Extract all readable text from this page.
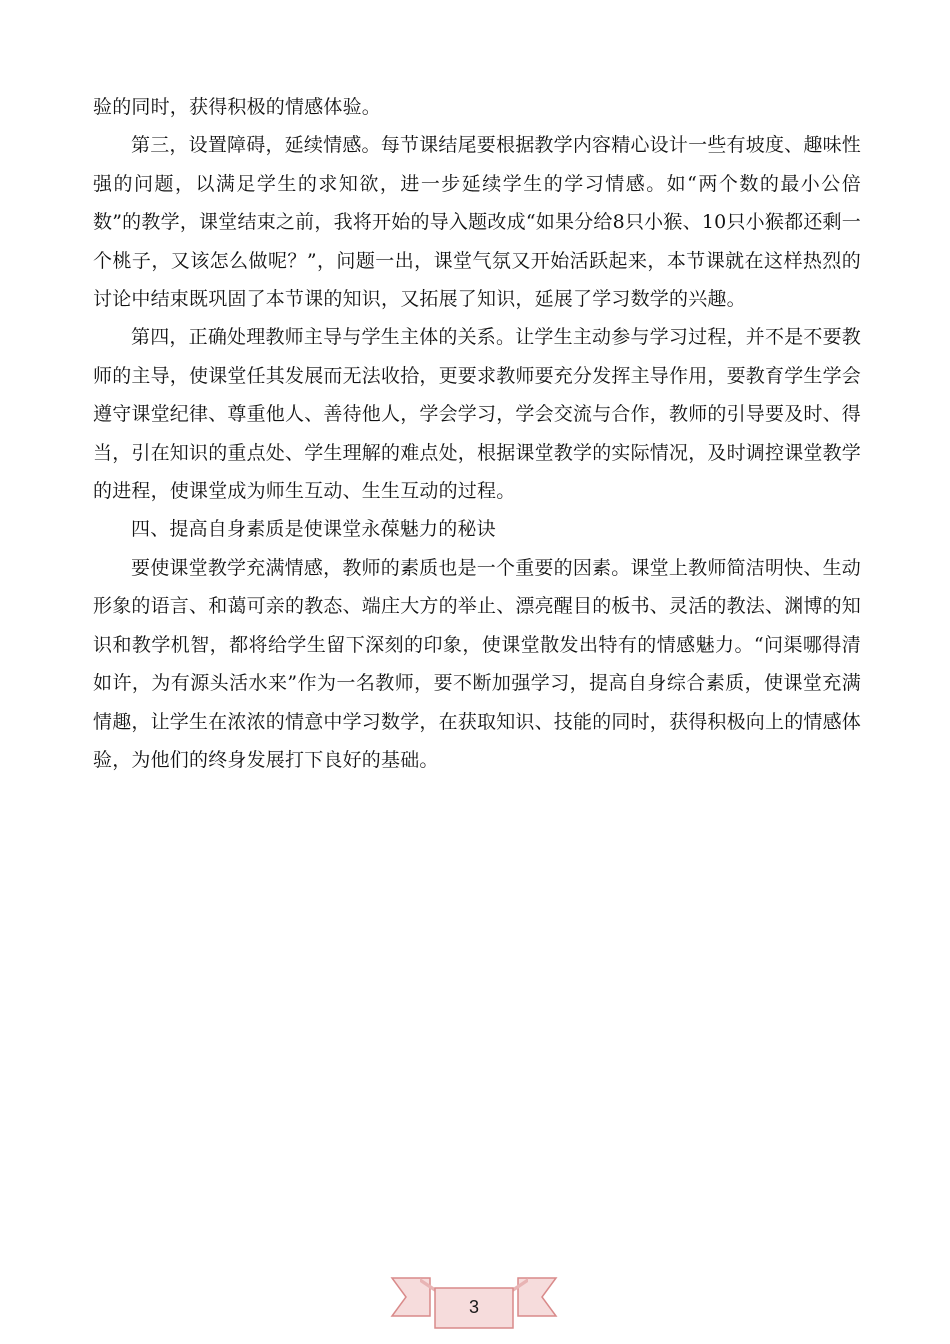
验的同时，获得积极的情感体验。

第三，设置障碍，延续情感。每节课结尾要根据教学内容精心设计一些有坡度、趣味性强的问题，以满足学生的求知欲，进一步延续学生的学习情感。如“两个数的最小公倍数”的教学，课堂结束之前，我将开始的导入题改成“如果分给8只小猴、10只小猴都还剩一个桃子，又该怎么做呢？”，问题一出，课堂气氛又开始活跃起来，本节课就在这样热烈的讨论中结束既巩固了本节课的知识，又拓展了知识，延展了学习数学的兴趣。

第四，正确处理教师主导与学生主体的关系。让学生主动参与学习过程，并不是不要教师的主导，使课堂任其发展而无法收拾，更要求教师要充分发挥主导作用，要教育学生学会遵守课堂纪律、尊重他人、善待他人，学会学习，学会交流与合作，教师的引导要及时、得当，引在知识的重点处、学生理解的难点处，根据课堂教学的实际情况，及时调控课堂教学的进程，使课堂成为师生互动、生生互动的过程。

四、提高自身素质是使课堂永葆魅力的秘诀

要使课堂教学充满情感，教师的素质也是一个重要的因素。课堂上教师简洁明快、生动形象的语言、和蔼可亲的教态、端庄大方的举止、漂亮醒目的板书、灵活的教法、渊博的知识和教学机智，都将给学生留下深刻的印象，使课堂散发出特有的情感魅力。“问渠哪得清如许，为有源头活水来”作为一名教师，要不断加强学习，提高自身综合素质，使课堂充满情趣，让学生在浓浓的情意中学习数学，在获取知识、技能的同时，获得积极向上的情感体验，为他们的终身发展打下良好的基础。

3
